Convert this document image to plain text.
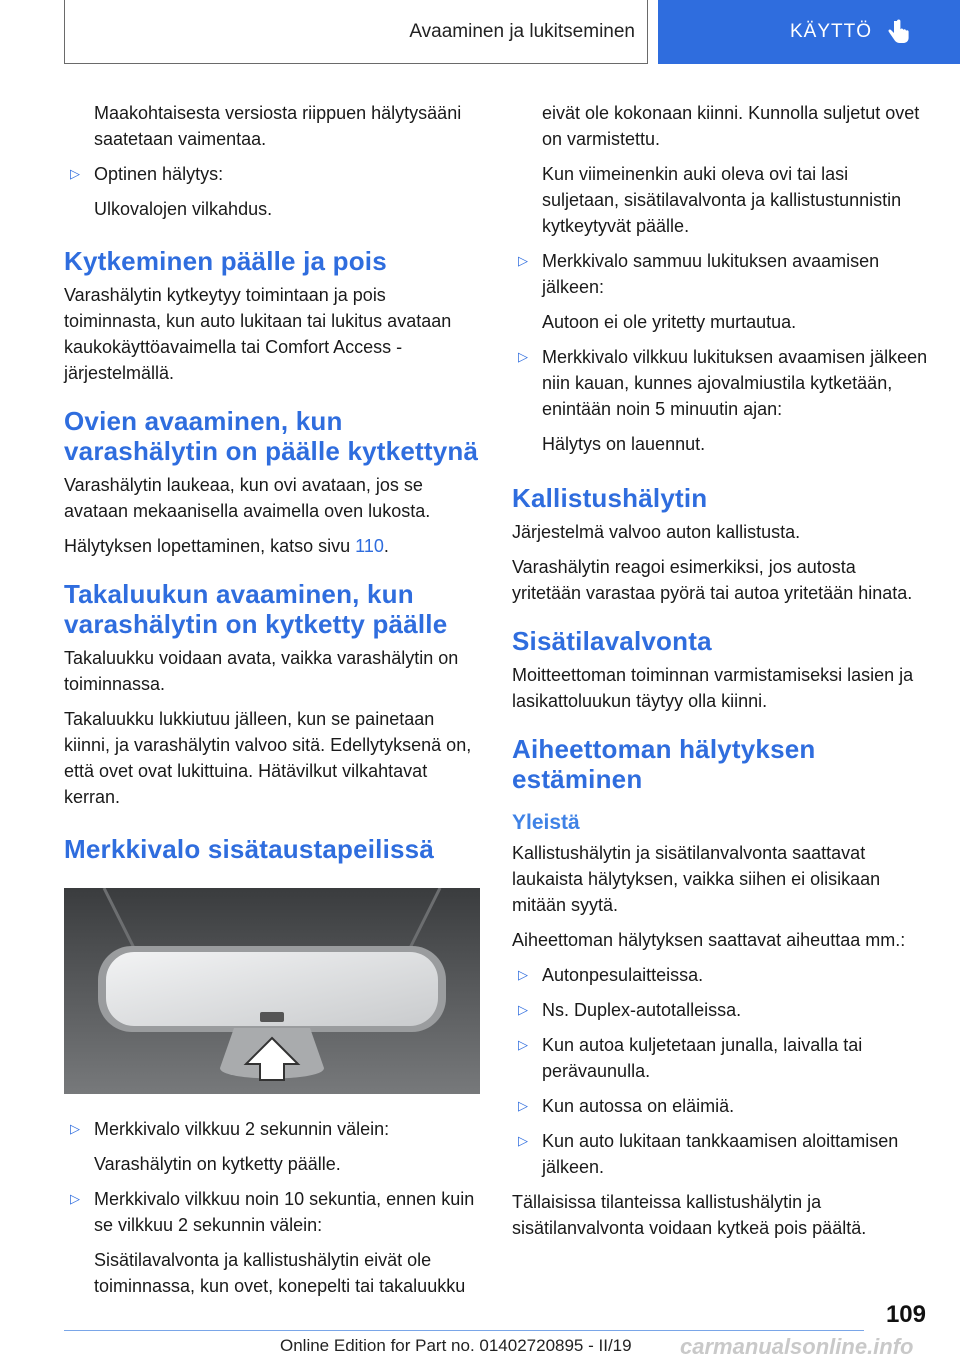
Avaaminen ja lukitseminen	KÄYTTÖ

Maakohtaisesta versiosta riippuen hälytysääni saatetaan vaimentaa.

▷ Optinen hälytys:

Ulkovalojen vilkahdus.

Kytkeminen päälle ja pois

Varashälytin kytkeytyy toimintaan ja pois toiminnasta, kun auto lukitaan tai lukitus avataan kaukokäyttöavaimella tai Comfort Access -järjestelmällä.

Ovien avaaminen, kun varashälytin on päälle kytkettynä

Varashälytin laukeaa, kun ovi avataan, jos se avataan mekaanisella avaimella oven lukosta.

Hälytyksen lopettaminen, katso sivu 110.

Takaluukun avaaminen, kun varashälytin on kytketty päälle

Takaluukku voidaan avata, vaikka varashälytin on toiminnassa.

Takaluukku lukkiutuu jälleen, kun se painetaan kiinni, ja varashälytin valvoo sitä. Edellytyksenä on, että ovet ovat lukittuina. Hätävilkut vilkahtavat kerran.

Merkkivalo sisätaustapeilissä
▷ Merkkivalo vilkkuu 2 sekunnin välein:

Varashälytin on kytketty päälle.

▷ Merkkivalo vilkkuu noin 10 sekuntia, ennen kuin se vilkkuu 2 sekunnin välein:

Sisätilavalvonta ja kallistushälytin eivät ole toiminnassa, kun ovet, konepelti tai takaluukku

eivät ole kokonaan kiinni. Kunnolla suljetut ovet on varmistettu.

Kun viimeinenkin auki oleva ovi tai lasi suljetaan, sisätilavalvonta ja kallistustunnistin kytkeytyvät päälle.

▷ Merkkivalo sammuu lukituksen avaamisen jälkeen:

Autoon ei ole yritetty murtautua.

▷ Merkkivalo vilkkuu lukituksen avaamisen jälkeen niin kauan, kunnes ajovalmiustila kytketään, enintään noin 5 minuutin ajan:

Hälytys on lauennut.

Kallistushälytin

Järjestelmä valvoo auton kallistusta.

Varashälytin reagoi esimerkiksi, jos autosta yritetään varastaa pyörä tai autoa yritetään hinata.

Sisätilavalvonta

Moitteettoman toiminnan varmistamiseksi lasien ja lasikattoluukun täytyy olla kiinni.

Aiheettoman hälytyksen estäminen
Yleistä

Kallistushälytin ja sisätilanvalvonta saattavat laukaista hälytyksen, vaikka siihen ei olisikaan mitään syytä.

Aiheettoman hälytyksen saattavat aiheuttaa mm.:

▷ Autonpesulaitteissa.
▷ Ns. Duplex-autotalleissa.
▷ Kun autoa kuljetetaan junalla, laivalla tai perävaunulla.
▷ Kun autossa on eläimiä.
▷ Kun auto lukitaan tankkaamisen aloittamisen jälkeen.

Tällaisissa tilanteissa kallistushälytin ja sisätilanvalvonta voidaan kytkeä pois päältä.

109
Online Edition for Part no. 01402720895 - II/19 carmanualsonline.info
